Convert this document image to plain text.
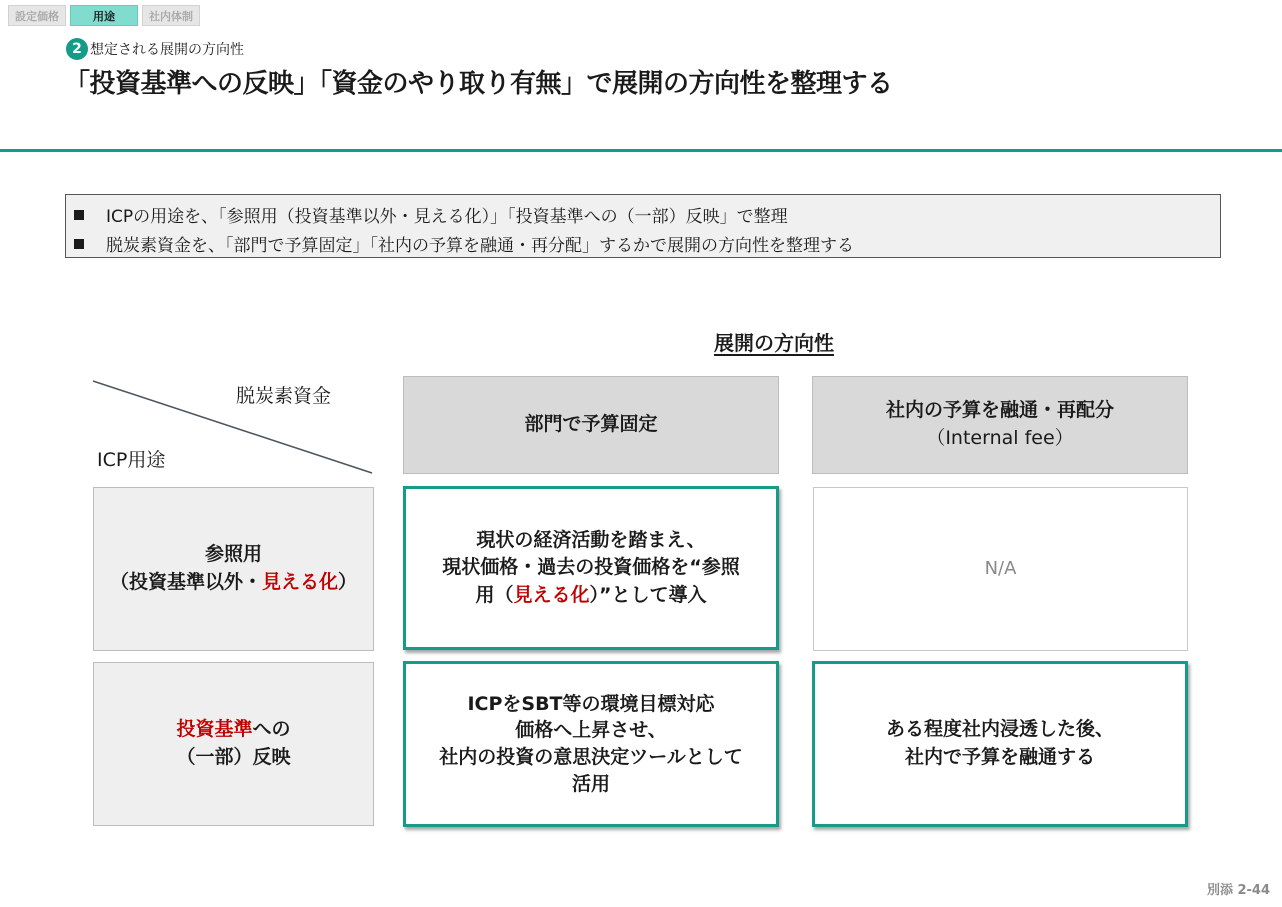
設定価格	用途	社内体制
2 想定される展開の方向性
「投資基準への反映」「資金のやり取り有無」で展開の方向性を整理する
ICPの用途を、「参照用（投資基準以外・見える化）」「投資基準への（一部）反映」で整理
脱炭素資金を、「部門で予算固定」「社内の予算を融通・再分配」するかで展開の方向性を整理する
展開の方向性
脱炭素資金
ICP用途
部門で予算固定
社内の予算を融通・再配分
（Internal fee）
参照用
（投資基準以外・見える化）
投資基準への
（一部）反映
現状の経済活動を踏まえ、
現状価格・過去の投資価格を“参照
用（見える化）”として導入
N/A
ICPをSBT等の環境目標対応
価格へ上昇させ、
社内の投資の意思決定ツールとして
活用
ある程度社内浸透した後、
社内で予算を融通する
別添 2-44
